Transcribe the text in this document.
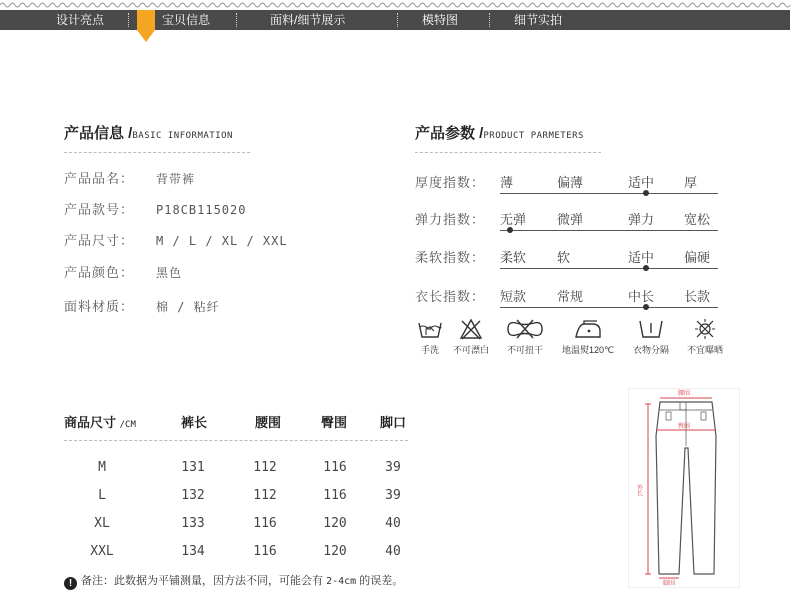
设计亮点	宝贝信息	面料/细节展示	模特图	细节实拍
产品信息 /BASIC INFORMATION
产品品名： 背带裤
产品款号： P18CB115020
产品尺寸： M / L / XL / XXL
产品颜色： 黑色
面料材质： 棉 / 粘纤
产品参数 /PRODUCT PARMETERS
厚度指数： 薄	偏薄	适中 厚
弹力指数： 无弹 微弹	弹力 宽松
柔软指数： 柔软 软	适中 偏硬
衣长指数： 短款 常规	中长 长款
手洗	不可漂白	不可扭干	地温熨120℃	衣物分隔	不宜曝晒
商品尺寸 /CM	裤长	腰围	臀围	脚口
M	131	112	116	39
L	132	112	116	39
XL	133	116	120	40
XXL	134	116	120	40
! 备注：此数据为平铺测量，因方法不同，可能会有 2-4cm 的误差。
腰围
臀围
外长
脚围
